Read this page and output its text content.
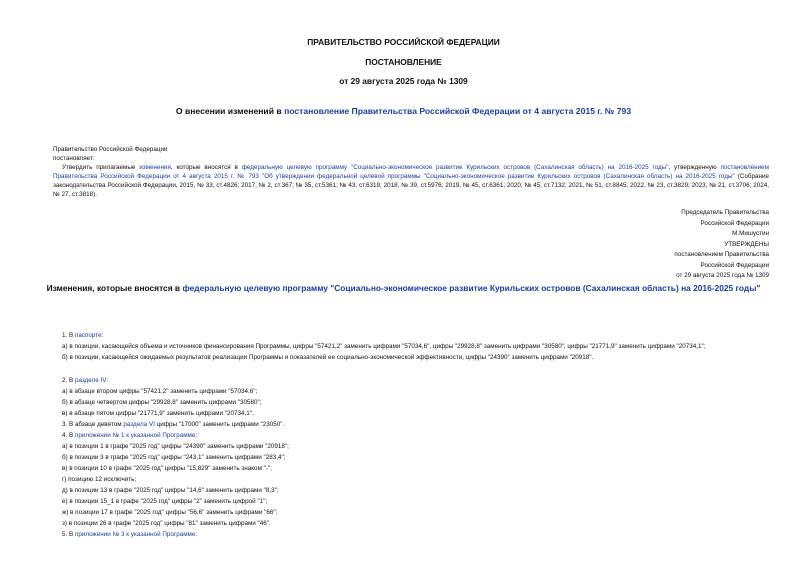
ПРАВИТЕЛЬСТВО РОССИЙСКОЙ ФЕДЕРАЦИИ
ПОСТАНОВЛЕНИЕ
от 29 августа 2025 года № 1309
О внесении изменений в постановление Правительства Российской Федерации от 4 августа 2015 г. № 793
Правительство Российской Федерации
постановляет:
Утвердить прилагаемые изменения, которые вносятся в федеральную целевую программу "Социально-экономическое развитие Курильских островов (Сахалинская область) на 2016-2025 годы", утвержденную постановлением Правительства Российской Федерации от 4 августа 2015 г. № 793 "Об утверждении федеральной целевой программы "Социально-экономическое развитие Курильских островов (Сахалинская область) на 2016-2025 годы" (Собрание законодательства Российской Федерации, 2015, № 33, ст.4826; 2017, № 2, ст.367; № 35, ст.5361; № 43, ст.6319; 2018, № 39, ст.5976; 2019, № 45, ст.6361; 2020, № 45, ст.7132; 2021, № 51, ст.8845; 2022, № 23, ст.3829; 2023, № 21, ст.3706; 2024, № 27, ст.3818).
Председатель Правительства
Российской Федерации
М.Мишустин
УТВЕРЖДЕНЫ
постановлением Правительства
Российской Федерации
от 29 августа 2025 года № 1309
Изменения, которые вносятся в федеральную целевую программу "Социально-экономическое развитие Курильских островов (Сахалинская область) на 2016-2025 годы"
1. В паспорте:
а) в позиции, касающейся объема и источников финансирования Программы, цифры "57421,2" заменить цифрами "57034,6", цифры "29928,8" заменить цифрами "30580", цифры "21771,9" заменить цифрами "20734,1";
б) в позиции, касающейся ожидаемых результатов реализации Программы и показателей ее социально-экономической эффективности, цифры "24390" заменить цифрами "20918".
2. В разделе IV:
а) в абзаце втором цифры "57421,2" заменить цифрами "57034,6";
б) в абзаце четвертом цифры "29928,8" заменить цифрами "30580";
в) в абзаце пятом цифры "21771,9" заменить цифрами "20734,1".
3. В абзаце девятом раздела VI цифры "17000" заменить цифрами "23050".
4. В приложении № 1 к указанной Программе:
а) в позиции 1 в графе "2025 год" цифры "24390" заменить цифрами "20918";
б) в позиции 3 в графе "2025 год" цифры "243,1" заменить цифрами "283,4";
в) в позиции 10 в графе "2025 год" цифры "15,829" заменить знаком "-";
г) позицию 12 исключить;
д) в позиции 13 в графе "2025 год" цифры "14,6" заменить цифрами "8,3";
е) в позиции 15_1 в графе "2025 год" цифры "2" заменить цифрой "1";
ж) в позиции 17 в графе "2025 год" цифры "56,6" заменить цифрами "66";
з) в позиции 26 в графе "2025 год" цифры "81" заменить цифрами "46".
5. В приложении № 3 к указанной Программе:
